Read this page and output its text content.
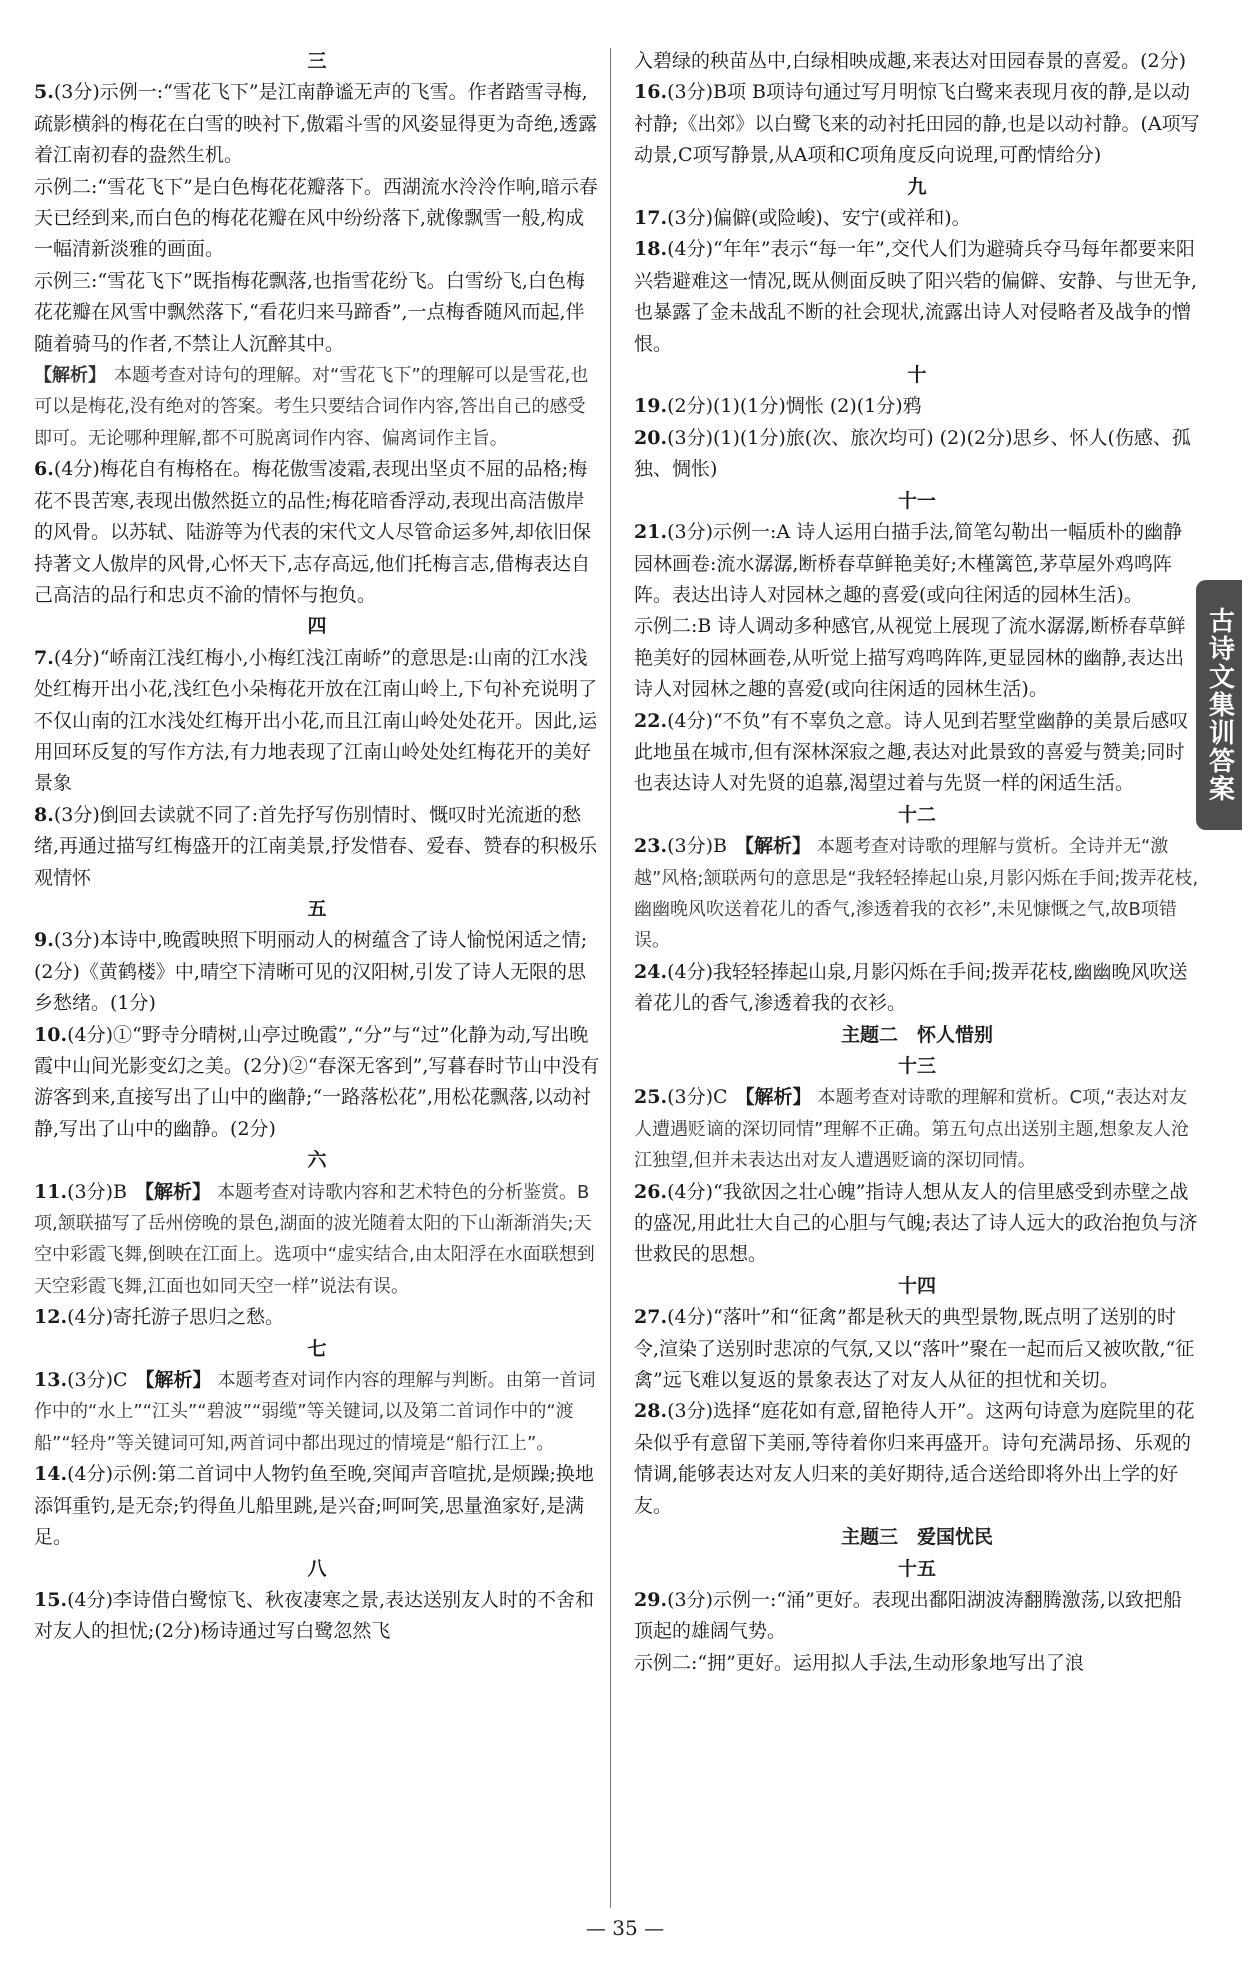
三
5.(3分)示例一:“雪花飞下”是江南静谧无声的飞雪。作者踏雪寻梅,疏影横斜的梅花在白雪的映衬下,傲霜斗雪的风姿显得更为奇绝,透露着江南初春的盎然生机。
示例二:“雪花飞下”是白色梅花花瓣落下。西湖流水泠泠作响,暗示春天已经到来,而白色的梅花花瓣在风中纷纷落下,就像飘雪一般,构成一幅清新淡雅的画面。
示例三:“雪花飞下”既指梅花飘落,也指雪花纷飞。白雪纷飞,白色梅花花瓣在风雪中飘然落下,“看花归来马蹄香”,一点梅香随风而起,伴随着骑马的作者,不禁让人沉醉其中。
【解析】 本题考查对诗句的理解。对“雪花飞下”的理解可以是雪花,也可以是梅花,没有绝对的答案。考生只要结合词作内容,答出自己的感受即可。无论哪种理解,都不可脱离词作内容、偏离词作主旨。
6.(4分)梅花自有梅格在。梅花傲雪凌霜,表现出坚贞不屈的品格;梅花不畏苦寒,表现出傲然挺立的品性;梅花暗香浮动,表现出高洁傲岸的风骨。以苏轼、陆游等为代表的宋代文人尽管命运多舛,却依旧保持著文人傲岸的风骨,心怀天下,志存高远,他们托梅言志,借梅表达自己高洁的品行和忠贞不渝的情怀与抱负。
四
7.(4分)“峤南江浅红梅小,小梅红浅江南峤”的意思是:山南的江水浅处红梅开出小花,浅红色小朵梅花开放在江南山岭上,下句补充说明了不仅山南的江水浅处红梅开出小花,而且江南山岭处处花开。因此,运用回环反复的写作方法,有力地表现了江南山岭处处红梅花开的美好景象
8.(3分)倒回去读就不同了:首先抒写伤别情时、慨叹时光流逝的愁绪,再通过描写红梅盛开的江南美景,抒发惜春、爱春、赞春的积极乐观情怀
五
9.(3分)本诗中,晚霞映照下明丽动人的树蕴含了诗人愉悦闲适之情;(2分)《黄鹤楼》中,晴空下清晰可见的汉阳树,引发了诗人无限的思乡愁绪。(1分)
10.(4分)①“野寺分晴树,山亭过晚霞”,“分”与“过”化静为动,写出晚霞中山间光影变幻之美。(2分)②“春深无客到”,写暮春时节山中没有游客到来,直接写出了山中的幽静;“一路落松花”,用松花飘落,以动衬静,写出了山中的幽静。(2分)
六
11.(3分)B 【解析】 本题考查对诗歌内容和艺术特色的分析鉴赏。B项,颔联描写了岳州傍晚的景色,湖面的波光随着太阳的下山渐渐消失;天空中彩霞飞舞,倒映在江面上。选项中“虚实结合,由太阳浮在水面联想到天空彩霞飞舞,江面也如同天空一样”说法有误。
12.(4分)寄托游子思归之愁。
七
13.(3分)C 【解析】 本题考查对词作内容的理解与判断。由第一首词作中的“水上”“江头”“碧波”“弱缆”等关键词,以及第二首词作中的“渡船”“轻舟”等关键词可知,两首词中都出现过的情境是“船行江上”。
14.(4分)示例:第二首词中人物钓鱼至晚,突闻声音喧扰,是烦躁;换地添饵重钓,是无奈;钓得鱼儿船里跳,是兴奋;呵呵笑,思量渔家好,是满足。
八
15.(4分)李诗借白鹭惊飞、秋夜凄寒之景,表达送别友人时的不舍和对友人的担忧;(2分)杨诗通过写白鹭忽然飞
入碧绿的秧苗丛中,白绿相映成趣,来表达对田园春景的喜爱。(2分)
16.(3分)B项 B项诗句通过写月明惊飞白鹭来表现月夜的静,是以动衬静;《出郊》以白鹭飞来的动衬托田园的静,也是以动衬静。(A项写动景,C项写静景,从A项和C项角度反向说理,可酌情给分)
九
17.(3分)偏僻(或险峻)、安宁(或祥和)。
18.(4分)“年年”表示“每一年”,交代人们为避骑兵夺马每年都要来阳兴砦避难这一情况,既从侧面反映了阳兴砦的偏僻、安静、与世无争,也暴露了金未战乱不断的社会现状,流露出诗人对侵略者及战争的憎恨。
十
19.(2分)(1)(1分)惆怅 (2)(1分)鸦
20.(3分)(1)(1分)旅(次、旅次均可) (2)(2分)思乡、怀人(伤感、孤独、惆怅)
十一
21.(3分)示例一:A 诗人运用白描手法,简笔勾勒出一幅质朴的幽静园林画卷:流水潺潺,断桥春草鲜艳美好;木槿篱笆,茅草屋外鸡鸣阵阵。表达出诗人对园林之趣的喜爱(或向往闲适的园林生活)。
示例二:B 诗人调动多种感官,从视觉上展现了流水潺潺,断桥春草鲜艳美好的园林画卷,从听觉上描写鸡鸣阵阵,更显园林的幽静,表达出诗人对园林之趣的喜爱(或向往闲适的园林生活)。
22.(4分)“不负”有不辜负之意。诗人见到若墅堂幽静的美景后感叹此地虽在城市,但有深林深寂之趣,表达对此景致的喜爱与赞美;同时也表达诗人对先贤的追慕,渴望过着与先贤一样的闲适生活。
十二
23.(3分)B 【解析】 本题考查对诗歌的理解与赏析。全诗并无“激越”风格;颔联两句的意思是“我轻轻捧起山泉,月影闪烁在手间;拨弄花枝,幽幽晚风吹送着花儿的香气,渗透着我的衣衫”,未见慷慨之气,故B项错误。
24.(4分)我轻轻捧起山泉,月影闪烁在手间;拨弄花枝,幽幽晚风吹送着花儿的香气,渗透着我的衣衫。
主题二　怀人惜别
十三
25.(3分)C 【解析】 本题考查对诗歌的理解和赏析。C项,“表达对友人遭遇贬谪的深切同情”理解不正确。第五句点出送别主题,想象友人沧江独望,但并未表达出对友人遭遇贬谪的深切同情。
26.(4分)“我欲因之壮心魄”指诗人想从友人的信里感受到赤壁之战的盛况,用此壮大自己的心胆与气魄;表达了诗人远大的政治抱负与济世救民的思想。
十四
27.(4分)“落叶”和“征禽”都是秋天的典型景物,既点明了送别的时令,渲染了送别时悲凉的气氛,又以“落叶”聚在一起而后又被吹散,“征禽”远飞难以复返的景象表达了对友人从征的担忧和关切。
28.(3分)选择“庭花如有意,留艳待人开”。这两句诗意为庭院里的花朵似乎有意留下美丽,等待着你归来再盛开。诗句充满昂扬、乐观的情调,能够表达对友人归来的美好期待,适合送给即将外出上学的好友。
主题三　爱国忧民
十五
29.(3分)示例一:“涌”更好。表现出鄱阳湖波涛翻腾激荡,以致把船顶起的雄阔气势。
示例二:“拥”更好。运用拟人手法,生动形象地写出了浪
古诗文集训答案
— 35 —
